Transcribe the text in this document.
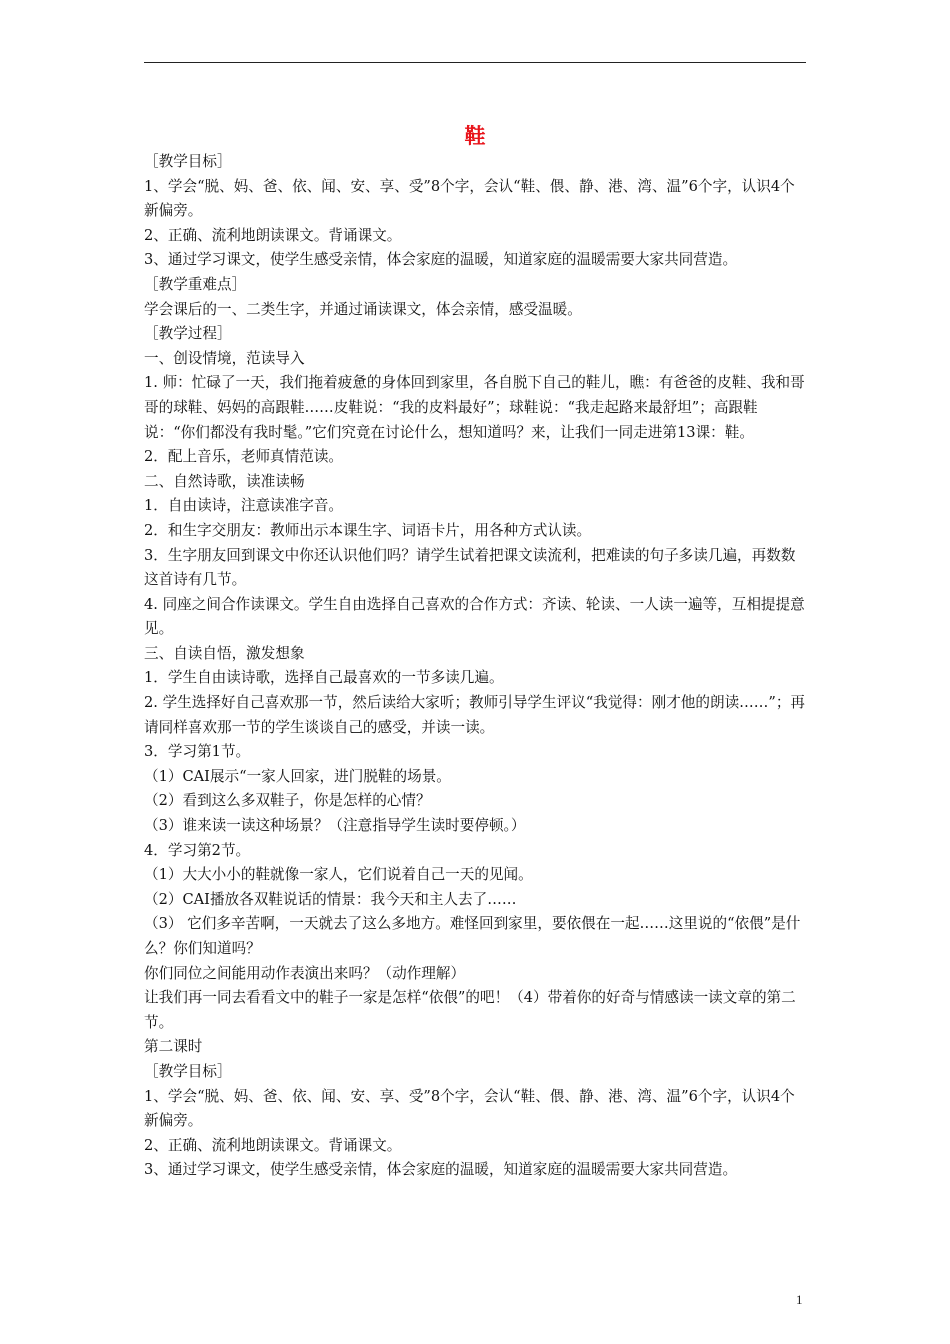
鞋

［教学目标］

1、学会“脱、妈、爸、依、闻、安、享、受”8个字，会认“鞋、偎、静、港、湾、温”6个字，认识4个新偏旁。

2、正确、流利地朗读课文。背诵课文。

3、通过学习课文，使学生感受亲情，体会家庭的温暖，知道家庭的温暖需要大家共同营造。

［教学重难点］

学会课后的一、二类生字，并通过诵读课文，体会亲情，感受温暖。

［教学过程］

一、创设情境，范读导入

1. 师：忙碌了一天，我们拖着疲惫的身体回到家里，各自脱下自己的鞋儿，瞧：有爸爸的皮鞋、我和哥哥的球鞋、妈妈的高跟鞋……皮鞋说：“我的皮料最好”；球鞋说：“我走起路来最舒坦”；高跟鞋说：“你们都没有我时髦。”它们究竟在讨论什么，想知道吗？来，让我们一同走进第13课：鞋。

2．配上音乐，老师真情范读。

二、自然诗歌，读准读畅

1．自由读诗，注意读准字音。

2．和生字交朋友：教师出示本课生字、词语卡片，用各种方式认读。

3．生字朋友回到课文中你还认识他们吗？请学生试着把课文读流利，把难读的句子多读几遍，再数数这首诗有几节。

4. 同座之间合作读课文。学生自由选择自己喜欢的合作方式：齐读、轮读、一人读一遍等，互相提提意见。

三、自读自悟，激发想象

1．学生自由读诗歌，选择自己最喜欢的一节多读几遍。

2. 学生选择好自己喜欢那一节，然后读给大家听；教师引导学生评议“我觉得：刚才他的朗读……”；再请同样喜欢那一节的学生谈谈自己的感受，并读一读。

3．学习第1节。

（1）CAI展示“一家人回家，进门脱鞋的场景。

（2）看到这么多双鞋子，你是怎样的心情？

（3）谁来读一读这种场景？（注意指导学生读时要停顿。）

4．学习第2节。

（1）大大小小的鞋就像一家人，它们说着自己一天的见闻。

（2）CAI播放各双鞋说话的情景：我今天和主人去了……

（3） 它们多辛苦啊，一天就去了这么多地方。难怪回到家里，要依偎在一起……这里说的“依偎”是什么？你们知道吗？

你们同位之间能用动作表演出来吗？（动作理解）

让我们再一同去看看文中的鞋子一家是怎样“依偎”的吧！（4）带着你的好奇与情感读一读文章的第二节。

第二课时

［教学目标］

1、学会“脱、妈、爸、依、闻、安、享、受”8个字，会认“鞋、偎、静、港、湾、温”6个字，认识4个新偏旁。

2、正确、流利地朗读课文。背诵课文。

3、通过学习课文，使学生感受亲情，体会家庭的温暖，知道家庭的温暖需要大家共同营造。

1
